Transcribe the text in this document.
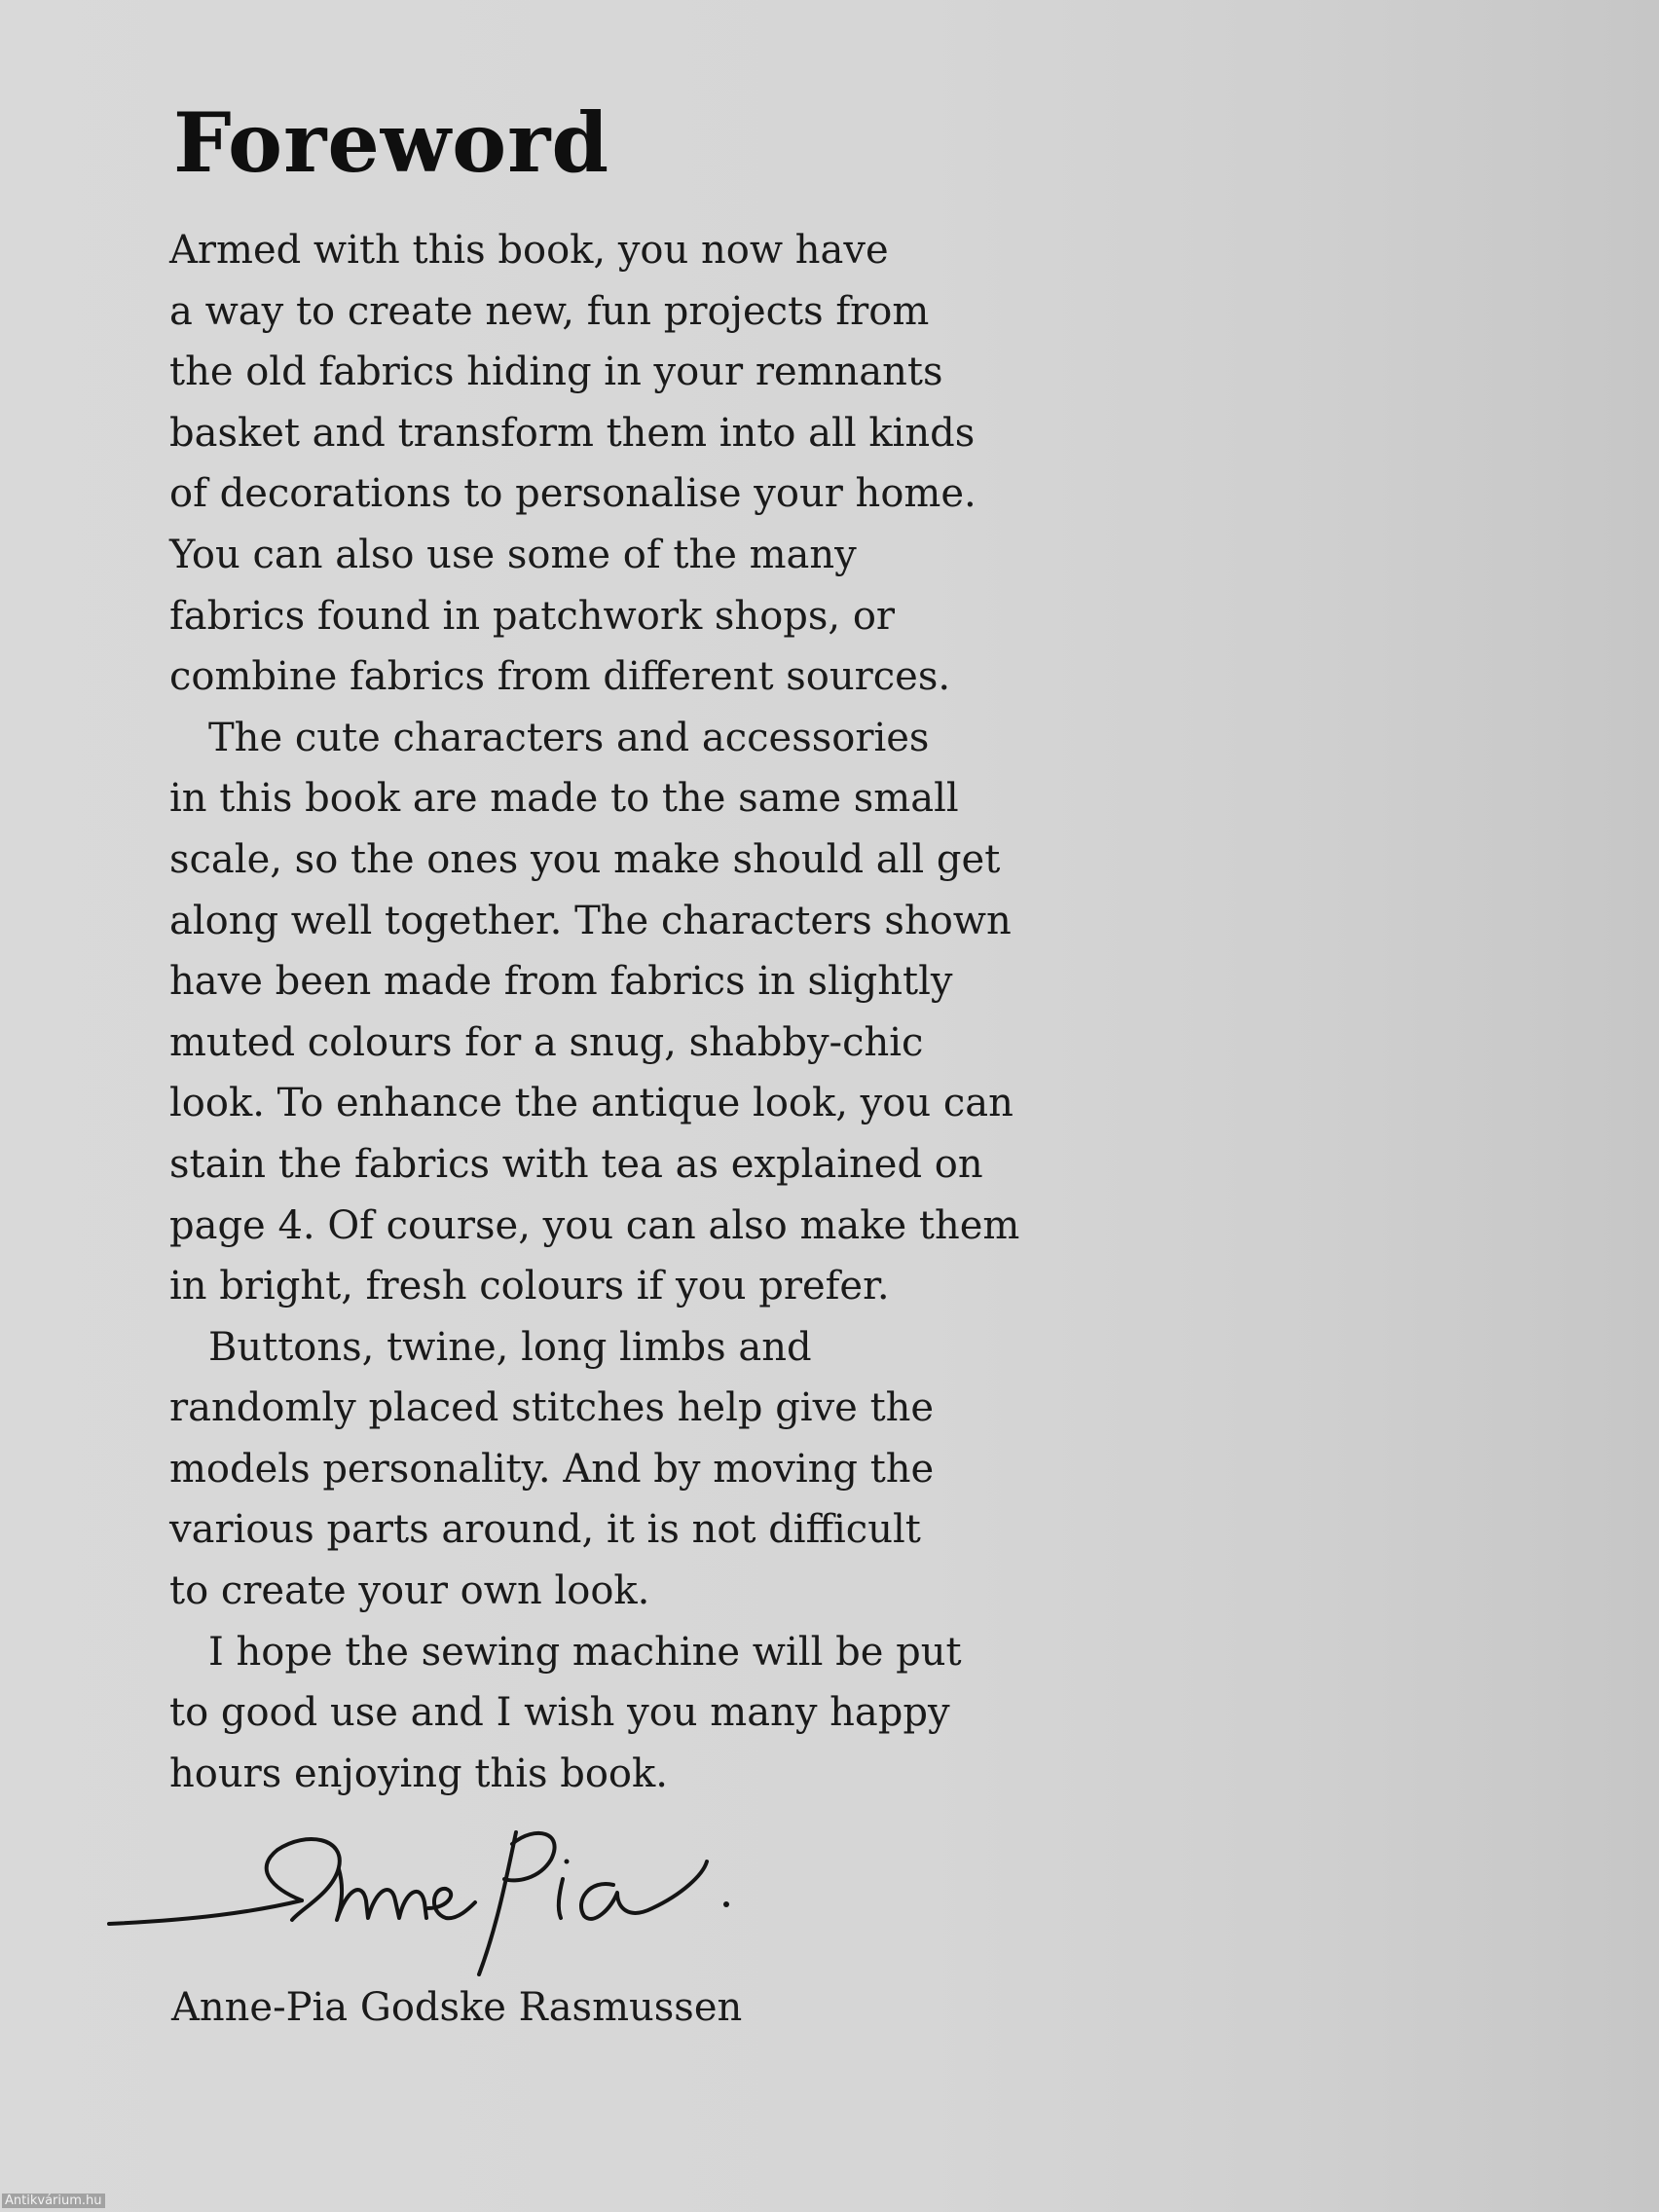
Foreword

Armed with this book, you now have
a way to create new, fun projects from
the old fabrics hiding in your remnants
basket and transform them into all kinds
of decorations to personalise your home.
You can also use some of the many
fabrics found in patchwork shops, or
combine fabrics from different sources.

The cute characters and accessories
in this book are made to the same small
scale, so the ones you make should all get
along well together. The characters shown
have been made from fabrics in slightly
muted colours for a snug, shabby-chic
look. To enhance the antique look, you can
stain the fabrics with tea as explained on
page 4. Of course, you can also make them
in bright, fresh colours if you prefer.

Buttons, twine, long limbs and
randomly placed stitches help give the
models personality. And by moving the
various parts around, it is not difficult
to create your own look.

I hope the sewing machine will be put
to good use and I wish you many happy
hours enjoying this book.

Anne-Pia Godske Rasmussen
Antikvárium.hu
